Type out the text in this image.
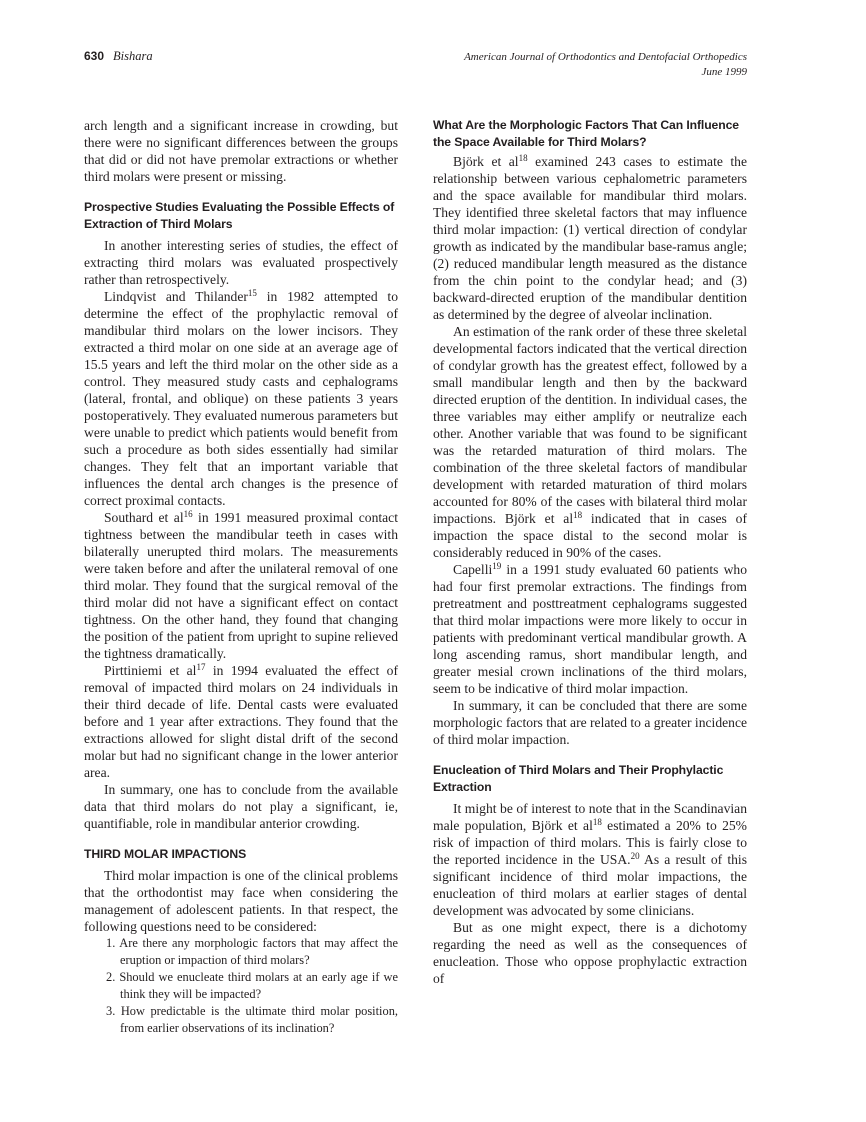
630 Bishara	American Journal of Orthodontics and Dentofacial Orthopedics
June 1999

arch length and a significant increase in crowding, but there were no significant differences between the groups that did or did not have premolar extractions or whether third molars were present or missing.

Prospective Studies Evaluating the Possible Effects of Extraction of Third Molars

In another interesting series of studies, the effect of extracting third molars was evaluated prospectively rather than retrospectively.

Lindqvist and Thilander$^{15}$ in 1982 attempted to determine the effect of the prophylactic removal of mandibular third molars on the lower incisors. They extracted a third molar on one side at an average age of 15.5 years and left the third molar on the other side as a control. They measured study casts and cephalograms (lateral, frontal, and oblique) on these patients 3 years postoperatively. They evaluated numerous parameters but were unable to predict which patients would benefit from such a procedure as both sides essentially had similar changes. They felt that an important variable that influences the dental arch changes is the presence of correct proximal contacts.

Southard et $al^{16}$ in 1991 measured proximal contact tightness between the mandibular teeth in cases with bilaterally unerupted third molars. The measurements were taken before and after the unilateral removal of one third molar. They found that the surgical removal of the third molar did not have a significant effect on contact tightness. On the other hand, they found that changing the position of the patient from upright to supine relieved the tightness dramatically.

Pirttiniemi et $al^{17}$ in 1994 evaluated the effect of removal of impacted third molars on 24 individuals in their third decade of life. Dental casts were evaluated before and 1 year after extractions. They found that the extractions allowed for slight distal drift of the second molar but had no significant change in the lower anterior area.

In summary, one has to conclude from the available data that third molars do not play a significant, ie, quantifiable, role in mandibular anterior crowding.

THIRD MOLAR IMPACTIONS

Third molar impaction is one of the clinical problems that the orthodontist may face when considering the management of adolescent patients. In that respect, the following questions need to be considered:

1. Are there any morphologic factors that may affect the eruption or impaction of third molars?
2. Should we enucleate third molars at an early age if we think they will be impacted?
3. How predictable is the ultimate third molar position, from earlier observations of its inclination?
What Are the Morphologic Factors That Can Influence the Space Available for Third Molars?

Björk et $al^{18}$ examined 243 cases to estimate the relationship between various cephalometric parameters and the space available for mandibular third molars. They identified three skeletal factors that may influence third molar impaction: (1) vertical direction of condylar growth as indicated by the mandibular base-ramus angle; (2) reduced mandibular length measured as the distance from the chin point to the condylar head; and (3) backward-directed eruption of the mandibular dentition as determined by the degree of alveolar inclination.

An estimation of the rank order of these three skeletal developmental factors indicated that the vertical direction of condylar growth has the greatest effect, followed by a small mandibular length and then by the backward directed eruption of the dentition. In individual cases, the three variables may either amplify or neutralize each other. Another variable that was found to be significant was the retarded maturation of third molars. The combination of the three skeletal factors of mandibular development with retarded maturation of third molars accounted for 80% of the cases with bilateral third molar impactions. Björk et $al^{18}$ indicated that in cases of impaction the space distal to the second molar is considerably reduced in 90% of the cases.

Capelli$^{19}$ in a 1991 study evaluated 60 patients who had four first premolar extractions. The findings from pretreatment and posttreatment cephalograms suggested that third molar impactions were more likely to occur in patients with predominant vertical mandibular growth. A long ascending ramus, short mandibular length, and greater mesial crown inclinations of the third molars, seem to be indicative of third molar impaction.

In summary, it can be concluded that there are some morphologic factors that are related to a greater incidence of third molar impaction.

Enucleation of Third Molars and Their Prophylactic Extraction

It might be of interest to note that in the Scandinavian male population, Björk et $al^{18}$ estimated a 20% to 25% risk of impaction of third molars. This is fairly close to the reported incidence in the USA.$^{20}$ As a result of this significant incidence of third molar impactions, the enucleation of third molars at earlier stages of dental development was advocated by some clinicians.

But as one might expect, there is a dichotomy regarding the need as well as the consequences of enucleation. Those who oppose prophylactic extraction of
